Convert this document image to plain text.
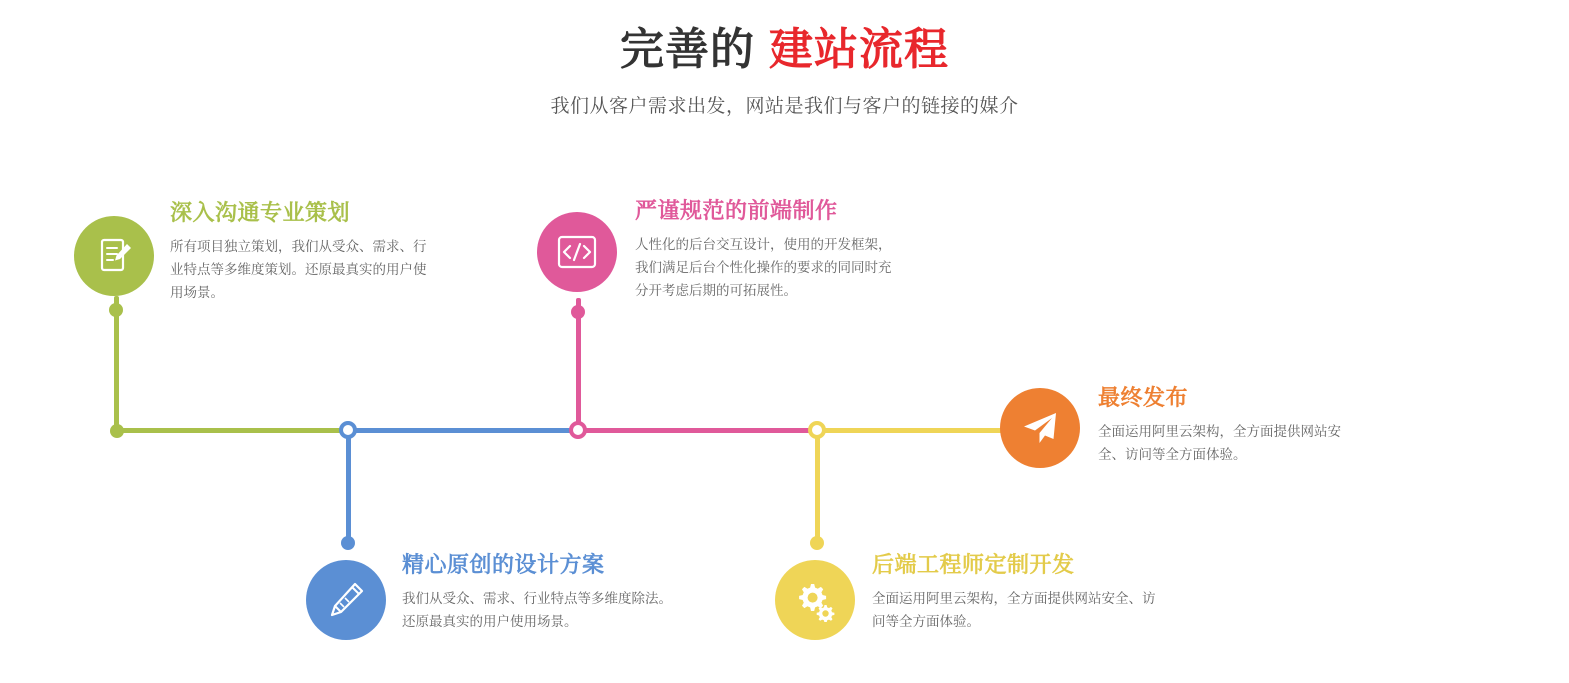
完善的 建站流程

我们从客户需求出发，网站是我们与客户的链接的媒介

深入沟通专业策划

所有项目独立策划，我们从受众、需求、行业特点等多维度策划。还原最真实的用户使用场景。

精心原创的设计方案

我们从受众、需求、行业特点等多维度除法。还原最真实的用户使用场景。

严谨规范的前端制作

人性化的后台交互设计，使用的开发框架，我们满足后台个性化操作的要求的同同时充分开考虑后期的可拓展性。

后端工程师定制开发

全面运用阿里云架构，全方面提供网站安全、访问等全方面体验。

最终发布

全面运用阿里云架构，全方面提供网站安全、访问等全方面体验。
